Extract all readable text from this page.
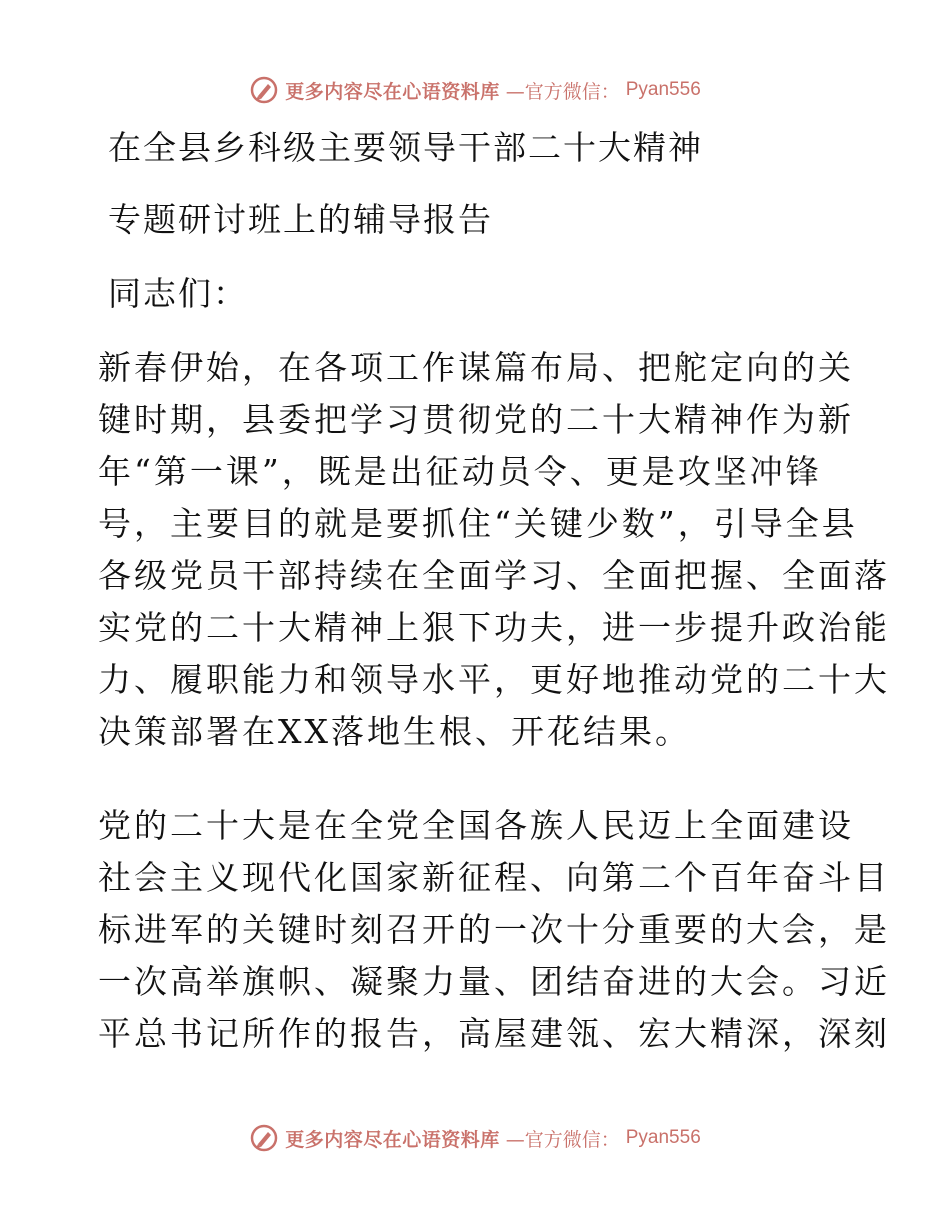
更多内容尽在心语资料库 —官方微信： Pyan556
在全县乡科级主要领导干部二十大精神
专题研讨班上的辅导报告
同志们：
新春伊始，在各项工作谋篇布局、把舵定向的关
键时期，县委把学习贯彻党的二十大精神作为新
年“第一课”，既是出征动员令、更是攻坚冲锋
号，主要目的就是要抓住“关键少数”，引导全县
各级党员干部持续在全面学习、全面把握、全面落
实党的二十大精神上狠下功夫，进一步提升政治能
力、履职能力和领导水平，更好地推动党的二十大
决策部署在XX落地生根、开花结果。
党的二十大是在全党全国各族人民迈上全面建设
社会主义现代化国家新征程、向第二个百年奋斗目
标进军的关键时刻召开的一次十分重要的大会，是
一次高举旗帜、凝聚力量、团结奋进的大会。习近
平总书记所作的报告，高屋建瓴、宏大精深，深刻
更多内容尽在心语资料库 —官方微信： Pyan556
